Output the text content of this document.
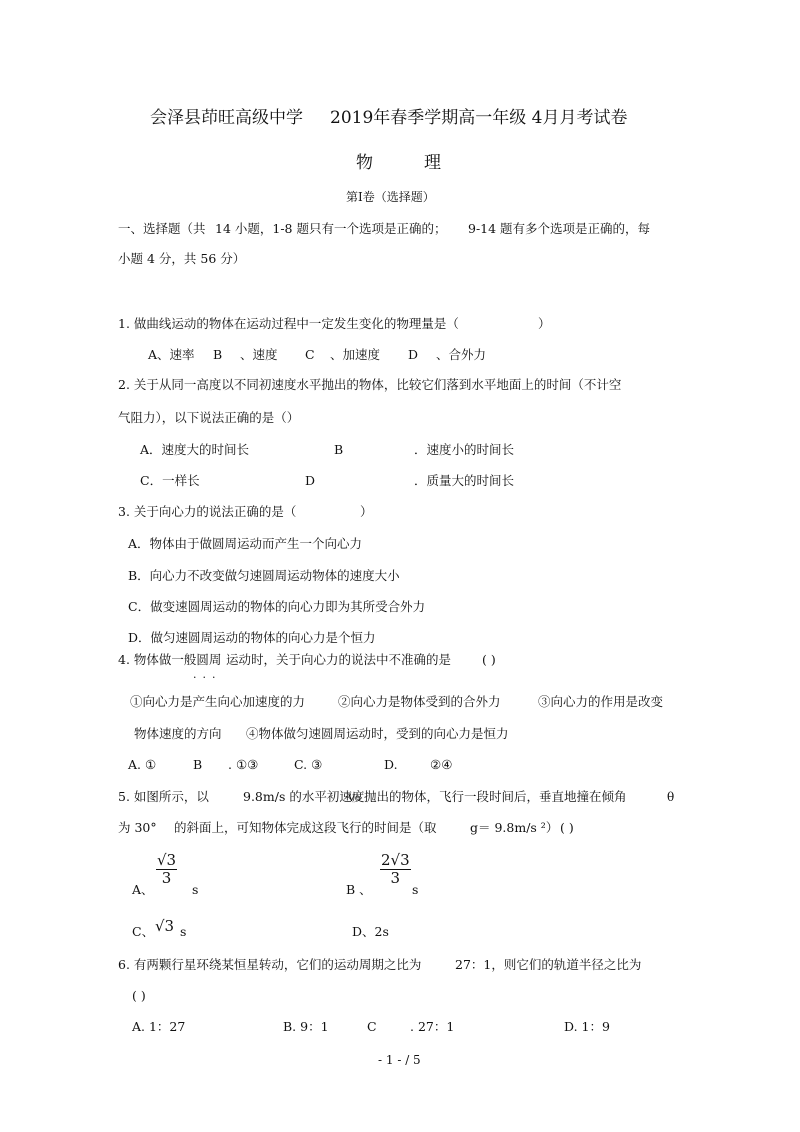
会泽县茚旺高级中学 2019年春季学期高一年级 4月月考试卷
物	理
第Ⅰ卷（选择题）
一、选择题（共 14 小题，1-8 题只有一个选项是正确的； 9-14 题有多个选项是正确的，每
小题 4 分，共 56 分）
1. 做曲线运动的物体在运动过程中一定发生变化的物理量是（	）
A、速率 B 、速度 C 、加速度 D 、合外力
2. 关于从同一高度以不同初速度水平抛出的物体，比较它们落到水平地面上的时间（不计空
气阻力），以下说法正确的是（）
A．速度大的时间长	B	．速度小的时间长
C．一样长	D	．质量大的时间长
3. 关于向心力的说法正确的是（	）
A．物体由于做圆周运动而产生一个向心力
B．向心力不改变做匀速圆周运动物体的速度大小
C．做变速圆周运动的物体的向心力即为其所受合外力
D．做匀速圆周运动的物体的向心力是个恒力
4. 物体做一般圆周 运动时，关于向心力的说法中不准确的是 ( )
···
①向心力是产生向心加速度的力	②向心力是物体受到的合外力	③向心力的作用是改变
物体速度的方向 ④物体做匀速圆周运动时，受到的向心力是恒力
A. ①	B . ①③	C. ③	D.	②④
5. 如图所示，以	9.8m/s 的水平初速度
v₀ 抛出的物体，飞行一段时间后，垂直地撞在倾角	θ
为 30° 的斜面上，可知物体完成这段飞行的时间是（取	g＝ 9.8m/s ²） ( )
A、
$\frac{√3}{3}$
s	B 、
$\frac{2√3}{3}$
s
C、 √3 s	D、2s
6. 有两颗行星环绕某恒星转动，它们的运动周期之比为	27：1，则它们的轨道半径之比为
( )
A. 1：27	B. 9：1	C	. 27：1	D. 1：9
- 1 - / 5
